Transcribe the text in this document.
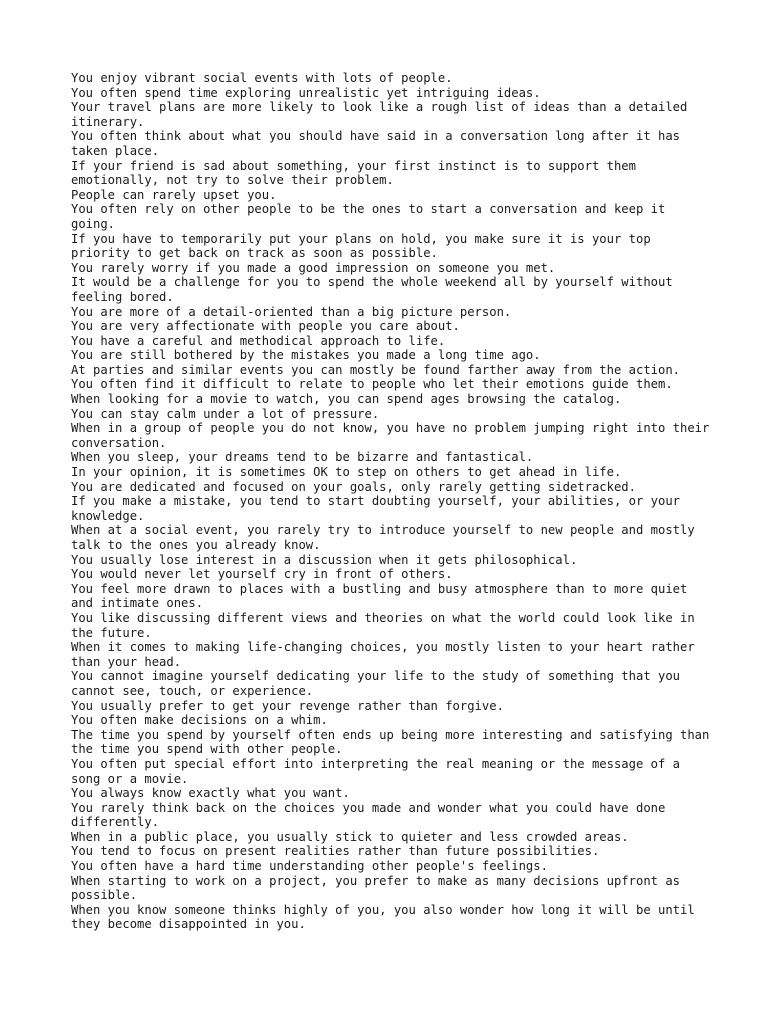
You enjoy vibrant social events with lots of people.
You often spend time exploring unrealistic yet intriguing ideas.
Your travel plans are more likely to look like a rough list of ideas than a detailed itinerary.
You often think about what you should have said in a conversation long after it has taken place.
If your friend is sad about something, your first instinct is to support them emotionally, not try to solve their problem.
People can rarely upset you.
You often rely on other people to be the ones to start a conversation and keep it going.
If you have to temporarily put your plans on hold, you make sure it is your top priority to get back on track as soon as possible.
You rarely worry if you made a good impression on someone you met.
It would be a challenge for you to spend the whole weekend all by yourself without feeling bored.
You are more of a detail-oriented than a big picture person.
You are very affectionate with people you care about.
You have a careful and methodical approach to life.
You are still bothered by the mistakes you made a long time ago.
At parties and similar events you can mostly be found farther away from the action.
You often find it difficult to relate to people who let their emotions guide them.
When looking for a movie to watch, you can spend ages browsing the catalog.
You can stay calm under a lot of pressure.
When in a group of people you do not know, you have no problem jumping right into their conversation.
When you sleep, your dreams tend to be bizarre and fantastical.
In your opinion, it is sometimes OK to step on others to get ahead in life.
You are dedicated and focused on your goals, only rarely getting sidetracked.
If you make a mistake, you tend to start doubting yourself, your abilities, or your knowledge.
When at a social event, you rarely try to introduce yourself to new people and mostly talk to the ones you already know.
You usually lose interest in a discussion when it gets philosophical.
You would never let yourself cry in front of others.
You feel more drawn to places with a bustling and busy atmosphere than to more quiet and intimate ones.
You like discussing different views and theories on what the world could look like in the future.
When it comes to making life-changing choices, you mostly listen to your heart rather than your head.
You cannot imagine yourself dedicating your life to the study of something that you cannot see, touch, or experience.
You usually prefer to get your revenge rather than forgive.
You often make decisions on a whim.
The time you spend by yourself often ends up being more interesting and satisfying than the time you spend with other people.
You often put special effort into interpreting the real meaning or the message of a song or a movie.
You always know exactly what you want.
You rarely think back on the choices you made and wonder what you could have done differently.
When in a public place, you usually stick to quieter and less crowded areas.
You tend to focus on present realities rather than future possibilities.
You often have a hard time understanding other people's feelings.
When starting to work on a project, you prefer to make as many decisions upfront as possible.
When you know someone thinks highly of you, you also wonder how long it will be until they become disappointed in you.
